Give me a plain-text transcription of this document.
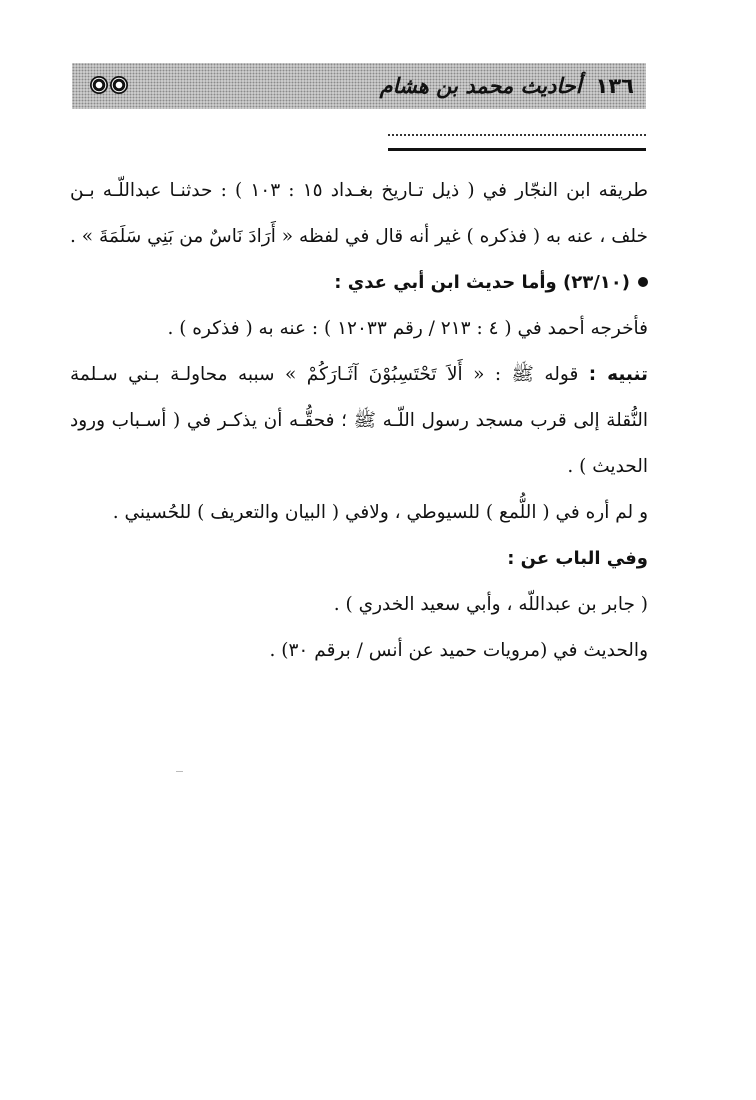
١٣٦أحاديث محمد بن هشام
طريقه ابن النجّار في ( ذيل تـاريخ بغـداد ١٥ : ١٠٣ ) : حدثنـا عبداللّـه بـن
خلف ، عنه به ( فذكره ) غير أنه قال في لفظه « أَرَادَ نَاسٌ من بَنِي سَلَمَةَ » .
(٢٣/١٠) وأما حديث ابن أبي عدي :
فأخرجه أحمد في ( ٤ : ٢١٣ / رقم ١٢٠٣٣ ) : عنه به ( فذكره ) .
تنبيه : قوله ﷺ : « أَلاَ تَحْتَسِبُوْنَ آثَـارَكُمْ » سببه محاولـة بـني سـلمة
النُّقلة إلى قرب مسجد رسول اللّـه ﷺ ؛ فحقُّـه أن يذكـر في ( أسـباب ورود
الحديث ) .
و لم أره في ( اللُّمع ) للسيوطي ، ولافي ( البيان والتعريف ) للحُسيني .
وفي الباب عن :
( جابر بن عبداللّه ، وأبي سعيد الخدري ) .
والحديث في (مرويات حميد عن أنس / برقم ٣٠) .
